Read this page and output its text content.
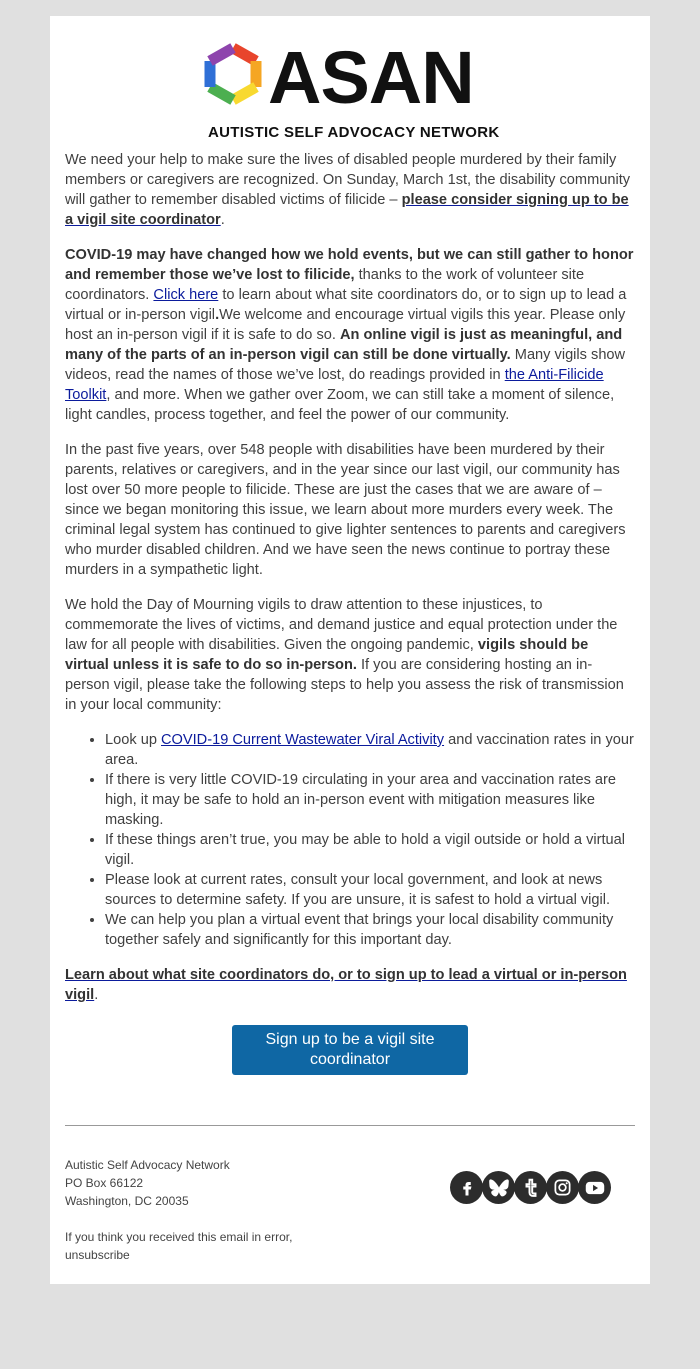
ASAN
AUTISTIC SELF ADVOCACY NETWORK

We need your help to make sure the lives of disabled people murdered by their family members or caregivers are recognized. On Sunday, March 1st, the disability community will gather to remember disabled victims of filicide – please consider signing up to be a vigil site coordinator.

COVID-19 may have changed how we hold events, but we can still gather to honor and remember those we’ve lost to filicide, thanks to the work of volunteer site coordinators. Click here to learn about what site coordinators do, or to sign up to lead a virtual or in-person vigil.We welcome and encourage virtual vigils this year. Please only host an in-person vigil if it is safe to do so. An online vigil is just as meaningful, and many of the parts of an in-person vigil can still be done virtually. Many vigils show videos, read the names of those we’ve lost, do readings provided in the Anti-Filicide Toolkit, and more. When we gather over Zoom, we can still take a moment of silence, light candles, process together, and feel the power of our community.

In the past five years, over 548 people with disabilities have been murdered by their parents, relatives or caregivers, and in the year since our last vigil, our community has lost over 50 more people to filicide. These are just the cases that we are aware of – since we began monitoring this issue, we learn about more murders every week. The criminal legal system has continued to give lighter sentences to parents and caregivers who murder disabled children. And we have seen the news continue to portray these murders in a sympathetic light.

We hold the Day of Mourning vigils to draw attention to these injustices, to commemorate the lives of victims, and demand justice and equal protection under the law for all people with disabilities. Given the ongoing pandemic, vigils should be virtual unless it is safe to do so in-person. If you are considering hosting an in-person vigil, please take the following steps to help you assess the risk of transmission in your local community:

• Look up COVID-19 Current Wastewater Viral Activity and vaccination rates in your area.
• If there is very little COVID-19 circulating in your area and vaccination rates are high, it may be safe to hold an in-person event with mitigation measures like masking.
• If these things aren’t true, you may be able to hold a vigil outside or hold a virtual vigil.
• Please look at current rates, consult your local government, and look at news sources to determine safety. If you are unsure, it is safest to hold a virtual vigil.
• We can help you plan a virtual event that brings your local disability community together safely and significantly for this important day.

Learn about what site coordinators do, or to sign up to lead a virtual or in-person vigil.

Sign up to be a vigil site coordinator
Autistic Self Advocacy Network
PO Box 66122
Washington, DC 20035
If you think you received this email in error,
unsubscribe
